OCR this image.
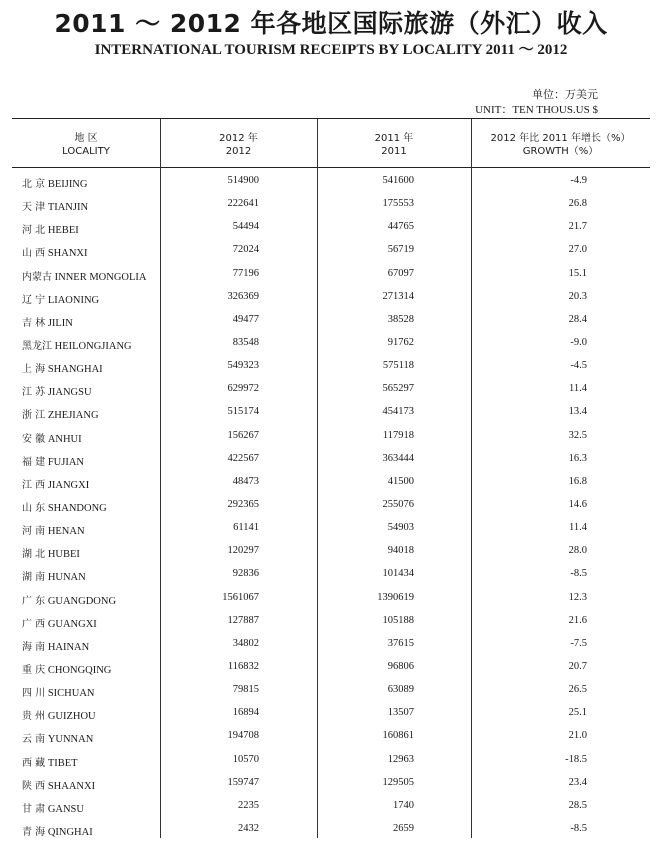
2011 ～ 2012 年各地区国际旅游（外汇）收入
INTERNATIONAL TOURISM RECEIPTS BY LOCALITY 2011 ～ 2012
单位：万美元
UNIT：TEN THOUS.US $
地 区
LOCALITY
2012 年
2012
2011 年
2011
2012 年比 2011 年增长（%）
GROWTH（%）
北 京 BEIJING	514900	541600	-4.9
天 津 TIANJIN	222641	175553	26.8
河 北 HEBEI	54494	44765	21.7
山 西 SHANXI	72024	56719	27.0
内蒙古 INNER MONGOLIA	77196	67097	15.1
辽 宁 LIAONING	326369	271314	20.3
吉 林 JILIN	49477	38528	28.4
黑龙江 HEILONGJIANG	83548	91762	-9.0
上 海 SHANGHAI	549323	575118	-4.5
江 苏 JIANGSU	629972	565297	11.4
浙 江 ZHEJIANG	515174	454173	13.4
安 徽 ANHUI	156267	117918	32.5
福 建 FUJIAN	422567	363444	16.3
江 西 JIANGXI	48473	41500	16.8
山 东 SHANDONG	292365	255076	14.6
河 南 HENAN	61141	54903	11.4
湖 北 HUBEI	120297	94018	28.0
湖 南 HUNAN	92836	101434	-8.5
广 东 GUANGDONG	1561067	1390619	12.3
广 西 GUANGXI	127887	105188	21.6
海 南 HAINAN	34802	37615	-7.5
重 庆 CHONGQING	116832	96806	20.7
四 川 SICHUAN	79815	63089	26.5
贵 州 GUIZHOU	16894	13507	25.1
云 南 YUNNAN	194708	160861	21.0
西 藏 TIBET	10570	12963	-18.5
陕 西 SHAANXI	159747	129505	23.4
甘 肃 GANSU	2235	1740	28.5
青 海 QINGHAI	2432	2659	-8.5
